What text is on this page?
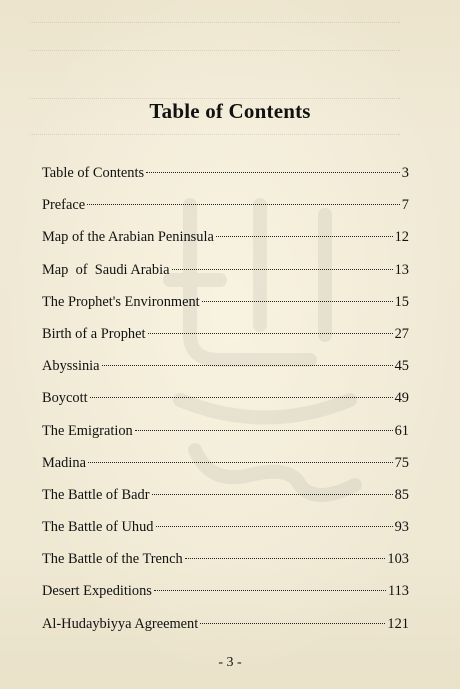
Table of Contents
Table of Contents	3
Preface	7
Map of the Arabian Peninsula	12
Map  of  Saudi Arabia	13
The Prophet's Environment	15
Birth of a Prophet	27
Abyssinia	45
Boycott	49
The Emigration	61
Madina	75
The Battle of Badr	85
The Battle of Uhud	93
The Battle of the Trench	103
Desert Expeditions	113
Al-Hudaybiyya Agreement	121
- 3 -
